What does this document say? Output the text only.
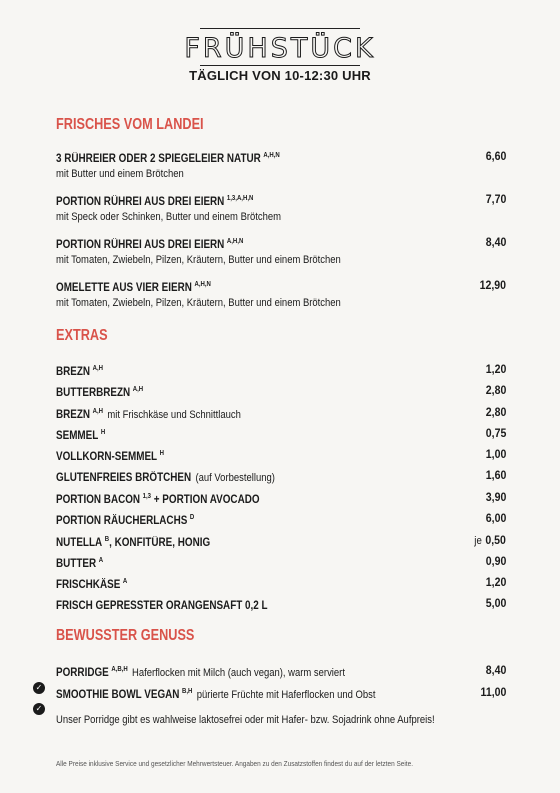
FRÜHSTÜCK
TÄGLICH VON 10-12:30 UHR
FRISCHES VOM LANDEI
3 RÜHREIER ODER 2 SPIEGELEIER NATUR $^{A,H,N}$
mit Butter und einem Brötchen
6,60
PORTION RÜHREI AUS DREI EIERN $^{1,3,A,H,N}$
mit Speck oder Schinken, Butter und einem Brötchem
7,70
PORTION RÜHREI AUS DREI EIERN $^{A,H,N}$
mit Tomaten, Zwiebeln, Pilzen, Kräutern, Butter und einem Brötchen
8,40
OMELETTE AUS VIER EIERN $^{A,H,N}$
mit Tomaten, Zwiebeln, Pilzen, Kräutern, Butter und einem Brötchen
12,90
EXTRAS
BREZN $^{A,H}$	1,20
BUTTERBREZN $^{A,H}$	2,80
BREZN $^{A,H}$ mit Frischkäse und Schnittlauch	2,80
SEMMEL $^H$	0,75
VOLLKORN-SEMMEL $^H$	1,00
GLUTENFREIES BRÖTCHEN (auf Vorbestellung)	1,60
PORTION BACON $^{1,3}$ + PORTION AVOCADO	3,90
PORTION RÄUCHERLACHS $^D$	6,00
NUTELLA $^B$, KONFITÜRE, HONIG	je 0,50
BUTTER $^A$	0,90
FRISCHKÄSE $^A$	1,20
FRISCH GEPRESSTER ORANGENSAFT 0,2 L	5,00
BEWUSSTER GENUSS
✓
PORRIDGE $^{A,B,H}$ Haferflocken mit Milch (auch vegan), warm serviert	8,40
✓
SMOOTHIE BOWL VEGAN $^{B,H}$ pürierte Früchte mit Haferflocken und Obst	11,00
Unser Porridge gibt es wahlweise laktosefrei oder mit Hafer- bzw. Sojadrink ohne Aufpreis!
Alle Preise inklusive Service und gesetzlicher Mehrwertsteuer. Angaben zu den Zusatzstoffen findest du auf der letzten Seite.
